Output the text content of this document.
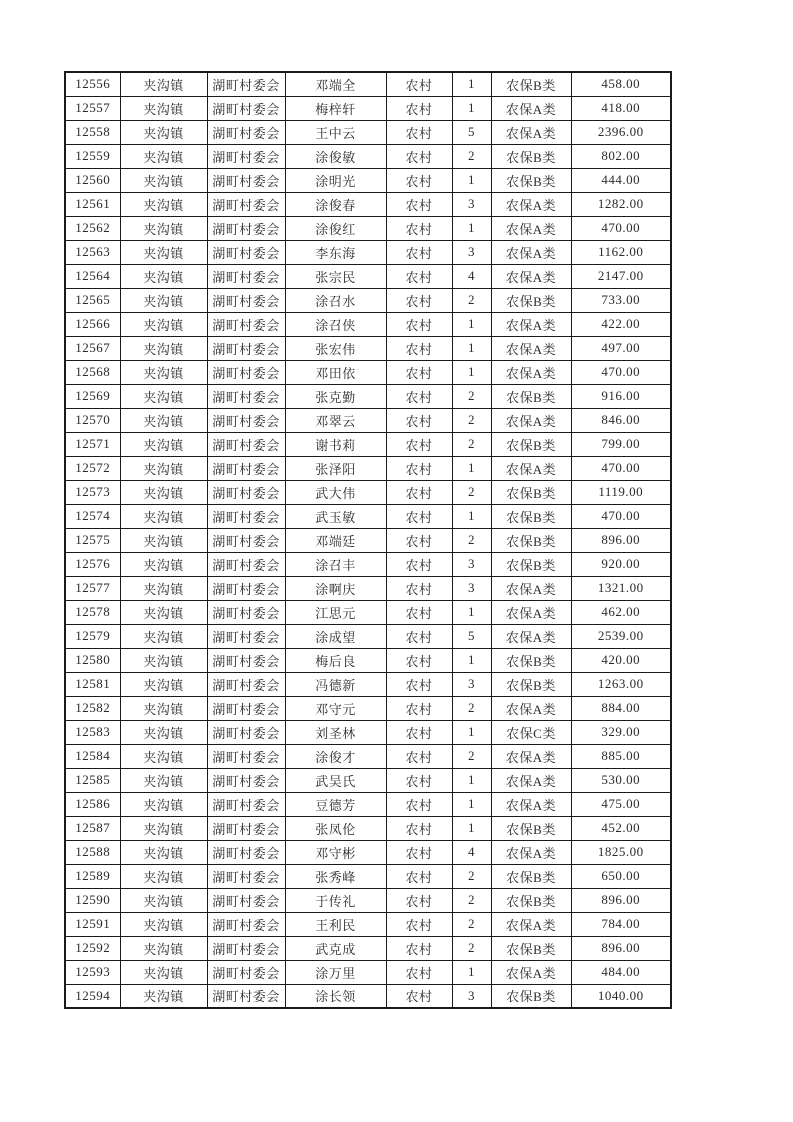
12556	夹沟镇	湖町村委会	邓端全	农村	1	农保B类	458.00
12557	夹沟镇	湖町村委会	梅梓轩	农村	1	农保A类	418.00
12558	夹沟镇	湖町村委会	王中云	农村	5	农保A类	2396.00
12559	夹沟镇	湖町村委会	涂俊敏	农村	2	农保B类	802.00
12560	夹沟镇	湖町村委会	涂明光	农村	1	农保B类	444.00
12561	夹沟镇	湖町村委会	涂俊春	农村	3	农保A类	1282.00
12562	夹沟镇	湖町村委会	涂俊红	农村	1	农保A类	470.00
12563	夹沟镇	湖町村委会	李东海	农村	3	农保A类	1162.00
12564	夹沟镇	湖町村委会	张宗民	农村	4	农保A类	2147.00
12565	夹沟镇	湖町村委会	涂召水	农村	2	农保B类	733.00
12566	夹沟镇	湖町村委会	涂召侠	农村	1	农保A类	422.00
12567	夹沟镇	湖町村委会	张宏伟	农村	1	农保A类	497.00
12568	夹沟镇	湖町村委会	邓田依	农村	1	农保A类	470.00
12569	夹沟镇	湖町村委会	张克勤	农村	2	农保B类	916.00
12570	夹沟镇	湖町村委会	邓翠云	农村	2	农保A类	846.00
12571	夹沟镇	湖町村委会	谢书莉	农村	2	农保B类	799.00
12572	夹沟镇	湖町村委会	张泽阳	农村	1	农保A类	470.00
12573	夹沟镇	湖町村委会	武大伟	农村	2	农保B类	1119.00
12574	夹沟镇	湖町村委会	武玉敏	农村	1	农保B类	470.00
12575	夹沟镇	湖町村委会	邓端廷	农村	2	农保B类	896.00
12576	夹沟镇	湖町村委会	涂召丰	农村	3	农保B类	920.00
12577	夹沟镇	湖町村委会	涂啊庆	农村	3	农保A类	1321.00
12578	夹沟镇	湖町村委会	江思元	农村	1	农保A类	462.00
12579	夹沟镇	湖町村委会	涂成望	农村	5	农保A类	2539.00
12580	夹沟镇	湖町村委会	梅后良	农村	1	农保B类	420.00
12581	夹沟镇	湖町村委会	冯德新	农村	3	农保B类	1263.00
12582	夹沟镇	湖町村委会	邓守元	农村	2	农保A类	884.00
12583	夹沟镇	湖町村委会	刘圣林	农村	1	农保C类	329.00
12584	夹沟镇	湖町村委会	涂俊才	农村	2	农保A类	885.00
12585	夹沟镇	湖町村委会	武吴氏	农村	1	农保A类	530.00
12586	夹沟镇	湖町村委会	豆德芳	农村	1	农保A类	475.00
12587	夹沟镇	湖町村委会	张凤伦	农村	1	农保B类	452.00
12588	夹沟镇	湖町村委会	邓守彬	农村	4	农保A类	1825.00
12589	夹沟镇	湖町村委会	张秀峰	农村	2	农保B类	650.00
12590	夹沟镇	湖町村委会	于传礼	农村	2	农保B类	896.00
12591	夹沟镇	湖町村委会	王利民	农村	2	农保A类	784.00
12592	夹沟镇	湖町村委会	武克成	农村	2	农保B类	896.00
12593	夹沟镇	湖町村委会	涂万里	农村	1	农保A类	484.00
12594	夹沟镇	湖町村委会	涂长领	农村	3	农保B类	1040.00
